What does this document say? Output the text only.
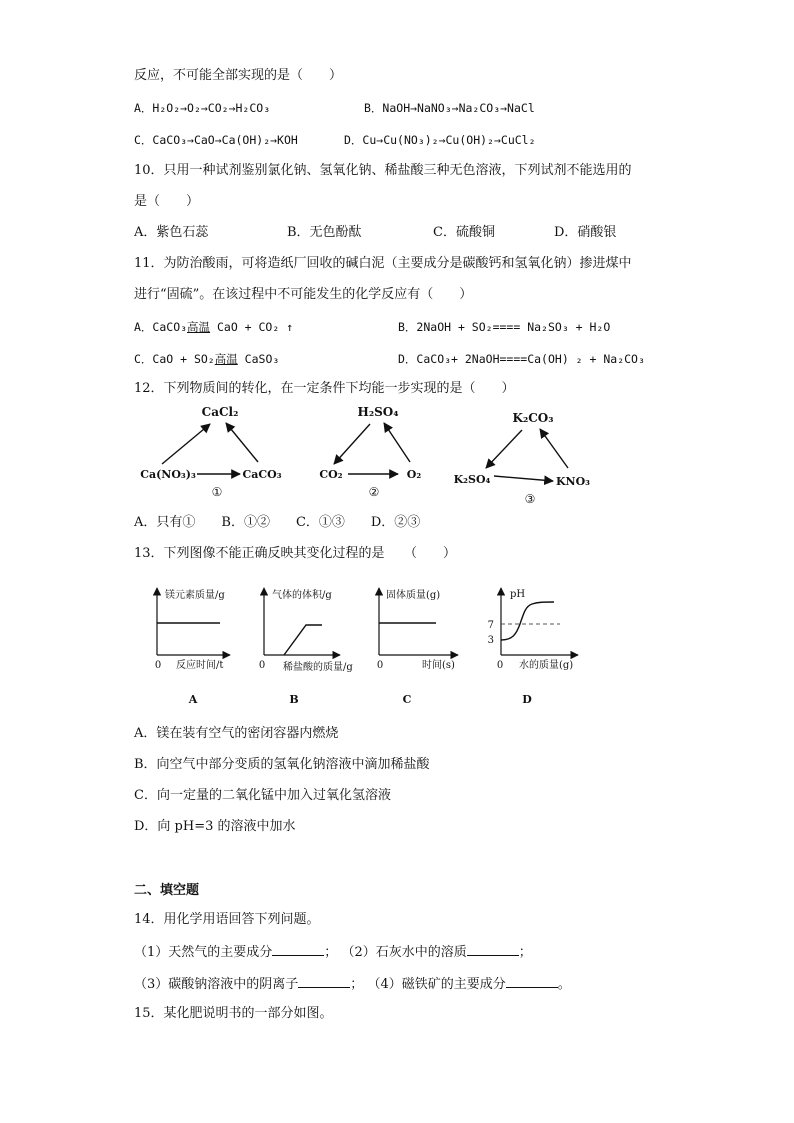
反应，不可能全部实现的是（　　）
A．H₂O₂→O₂→CO₂→H₂CO₃	B．NaOH→NaNO₃→Na₂CO₃→NaCl
C．CaCO₃→CaO→Ca(OH)₂→KOH	D．Cu→Cu(NO₃)₂→Cu(OH)₂→CuCl₂
10．只用一种试剂鉴别氯化钠、氢氧化钠、稀盐酸三种无色溶液，下列试剂不能选用的
是（　　）
A．紫色石蕊	B．无色酚酞	C．硫酸铜	D．硝酸银
11．为防治酸雨，可将造纸厂回收的碱白泥（主要成分是碳酸钙和氢氧化钠）掺进煤中
进行“固硫”。在该过程中不可能发生的化学反应有（　　）
A．CaCO₃高温 CaO + CO₂ ↑	B．2NaOH + SO₂==== Na₂SO₃ + H₂O
C．CaO + SO₂高温 CaSO₃	D．CaCO₃+ 2NaOH====Ca(OH) ₂ + Na₂CO₃
12．下列物质间的转化，在一定条件下均能一步实现的是（　　）
CaCl₂
Ca(NO₃)₃	CaCO₃
①
H₂SO₄
CO₂	O₂
②
K₂CO₃
K₂SO₄	KNO₃
③
镁元素质量/g
0 反应时间/t
A
气体的体积/g
0 稀盐酸的质量/g
B
固体质量(g)
0	时间(s)
C
pH
7
3
0 水的质量(g)
D
A．只有①　　B．①②　　C．①③　　D．②③
13．下列图像不能正确反映其变化过程的是　　（　　）
A．镁在装有空气的密闭容器内燃烧
B．向空气中部分变质的氢氧化钠溶液中滴加稀盐酸
C．向一定量的二氧化锰中加入过氧化氢溶液
D．向 pH=3 的溶液中加水
二、填空题
14．用化学用语回答下列问题。
（1）天然气的主要成分	； （2）石灰水中的溶质	；
（3）碳酸钠溶液中的阴离子	； （4）磁铁矿的主要成分	。
15．某化肥说明书的一部分如图。
